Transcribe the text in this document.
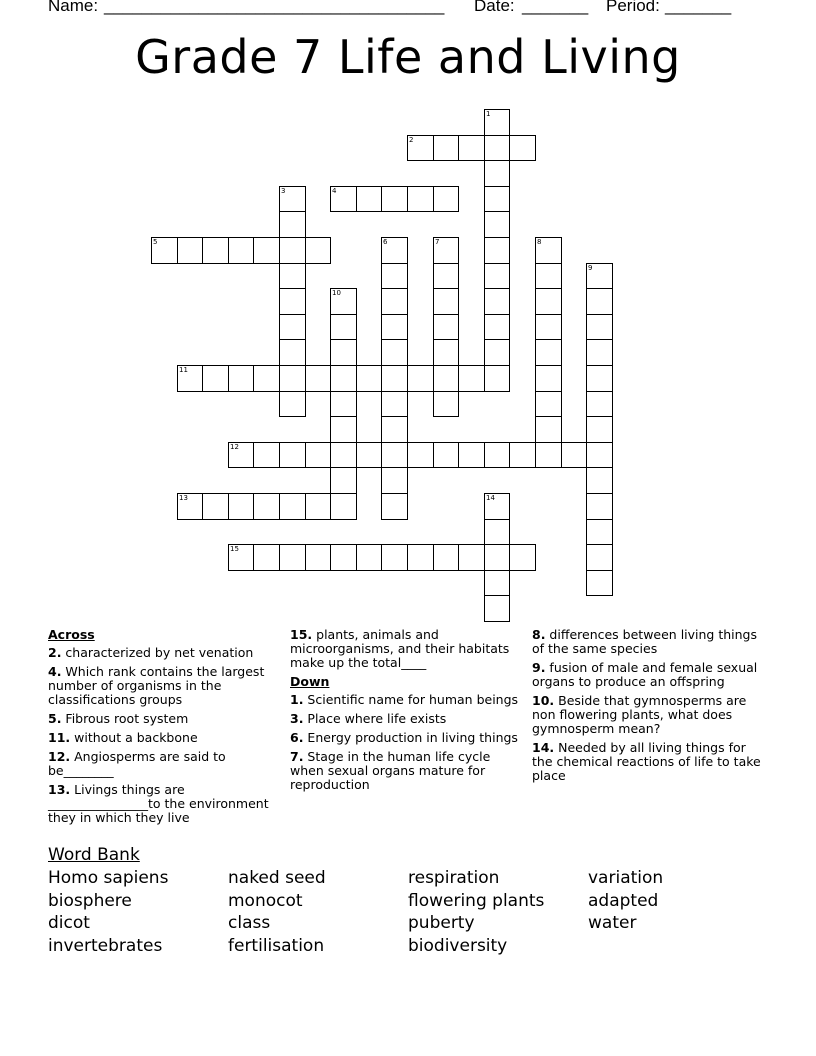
Name: ____________________________________ Date: _______ Period: _______
Grade 7 Life and Living
1
2
3	4
5	6	7	8
9
10
11
12
13	14
15
Across
2. characterized by net venation
4. Which rank contains the largest number of organisms in the classifications groups
5. Fibrous root system
11. without a backbone
12. Angiosperms are said to be________
13. Livings things are ________________to the environment they in which they live
15. plants, animals and microorganisms, and their habitats make up the total____
Down
1. Scientific name for human beings
3. Place where life exists
6. Energy production in living things
7. Stage in the human life cycle when sexual organs mature for reproduction
8. differences between living things of the same species
9. fusion of male and female sexual organs to produce an offspring
10. Beside that gymnosperms are non flowering plants, what does gymnosperm mean?
14. Needed by all living things for the chemical reactions of life to take place
Word Bank
Homo sapiens	naked seed	respiration	variation
biosphere	monocot	flowering plants	adapted
dicot	class	puberty	water
invertebrates	fertilisation	biodiversity
